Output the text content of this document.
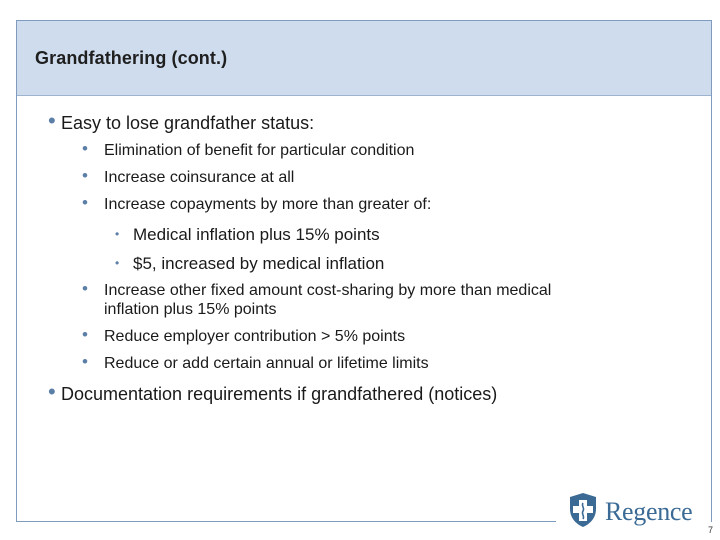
Grandfathering (cont.)
• Easy to lose grandfather status:
• Elimination of benefit for particular condition
• Increase coinsurance at all
• Increase copayments by more than greater of:
• Medical inflation plus 15% points
• $5, increased by medical inflation
• Increase other fixed amount cost-sharing by more than medical
inflation plus 15% points
• Reduce employer contribution > 5% points
• Reduce or add certain annual or lifetime limits
• Documentation requirements if grandfathered (notices)
Regence
7
